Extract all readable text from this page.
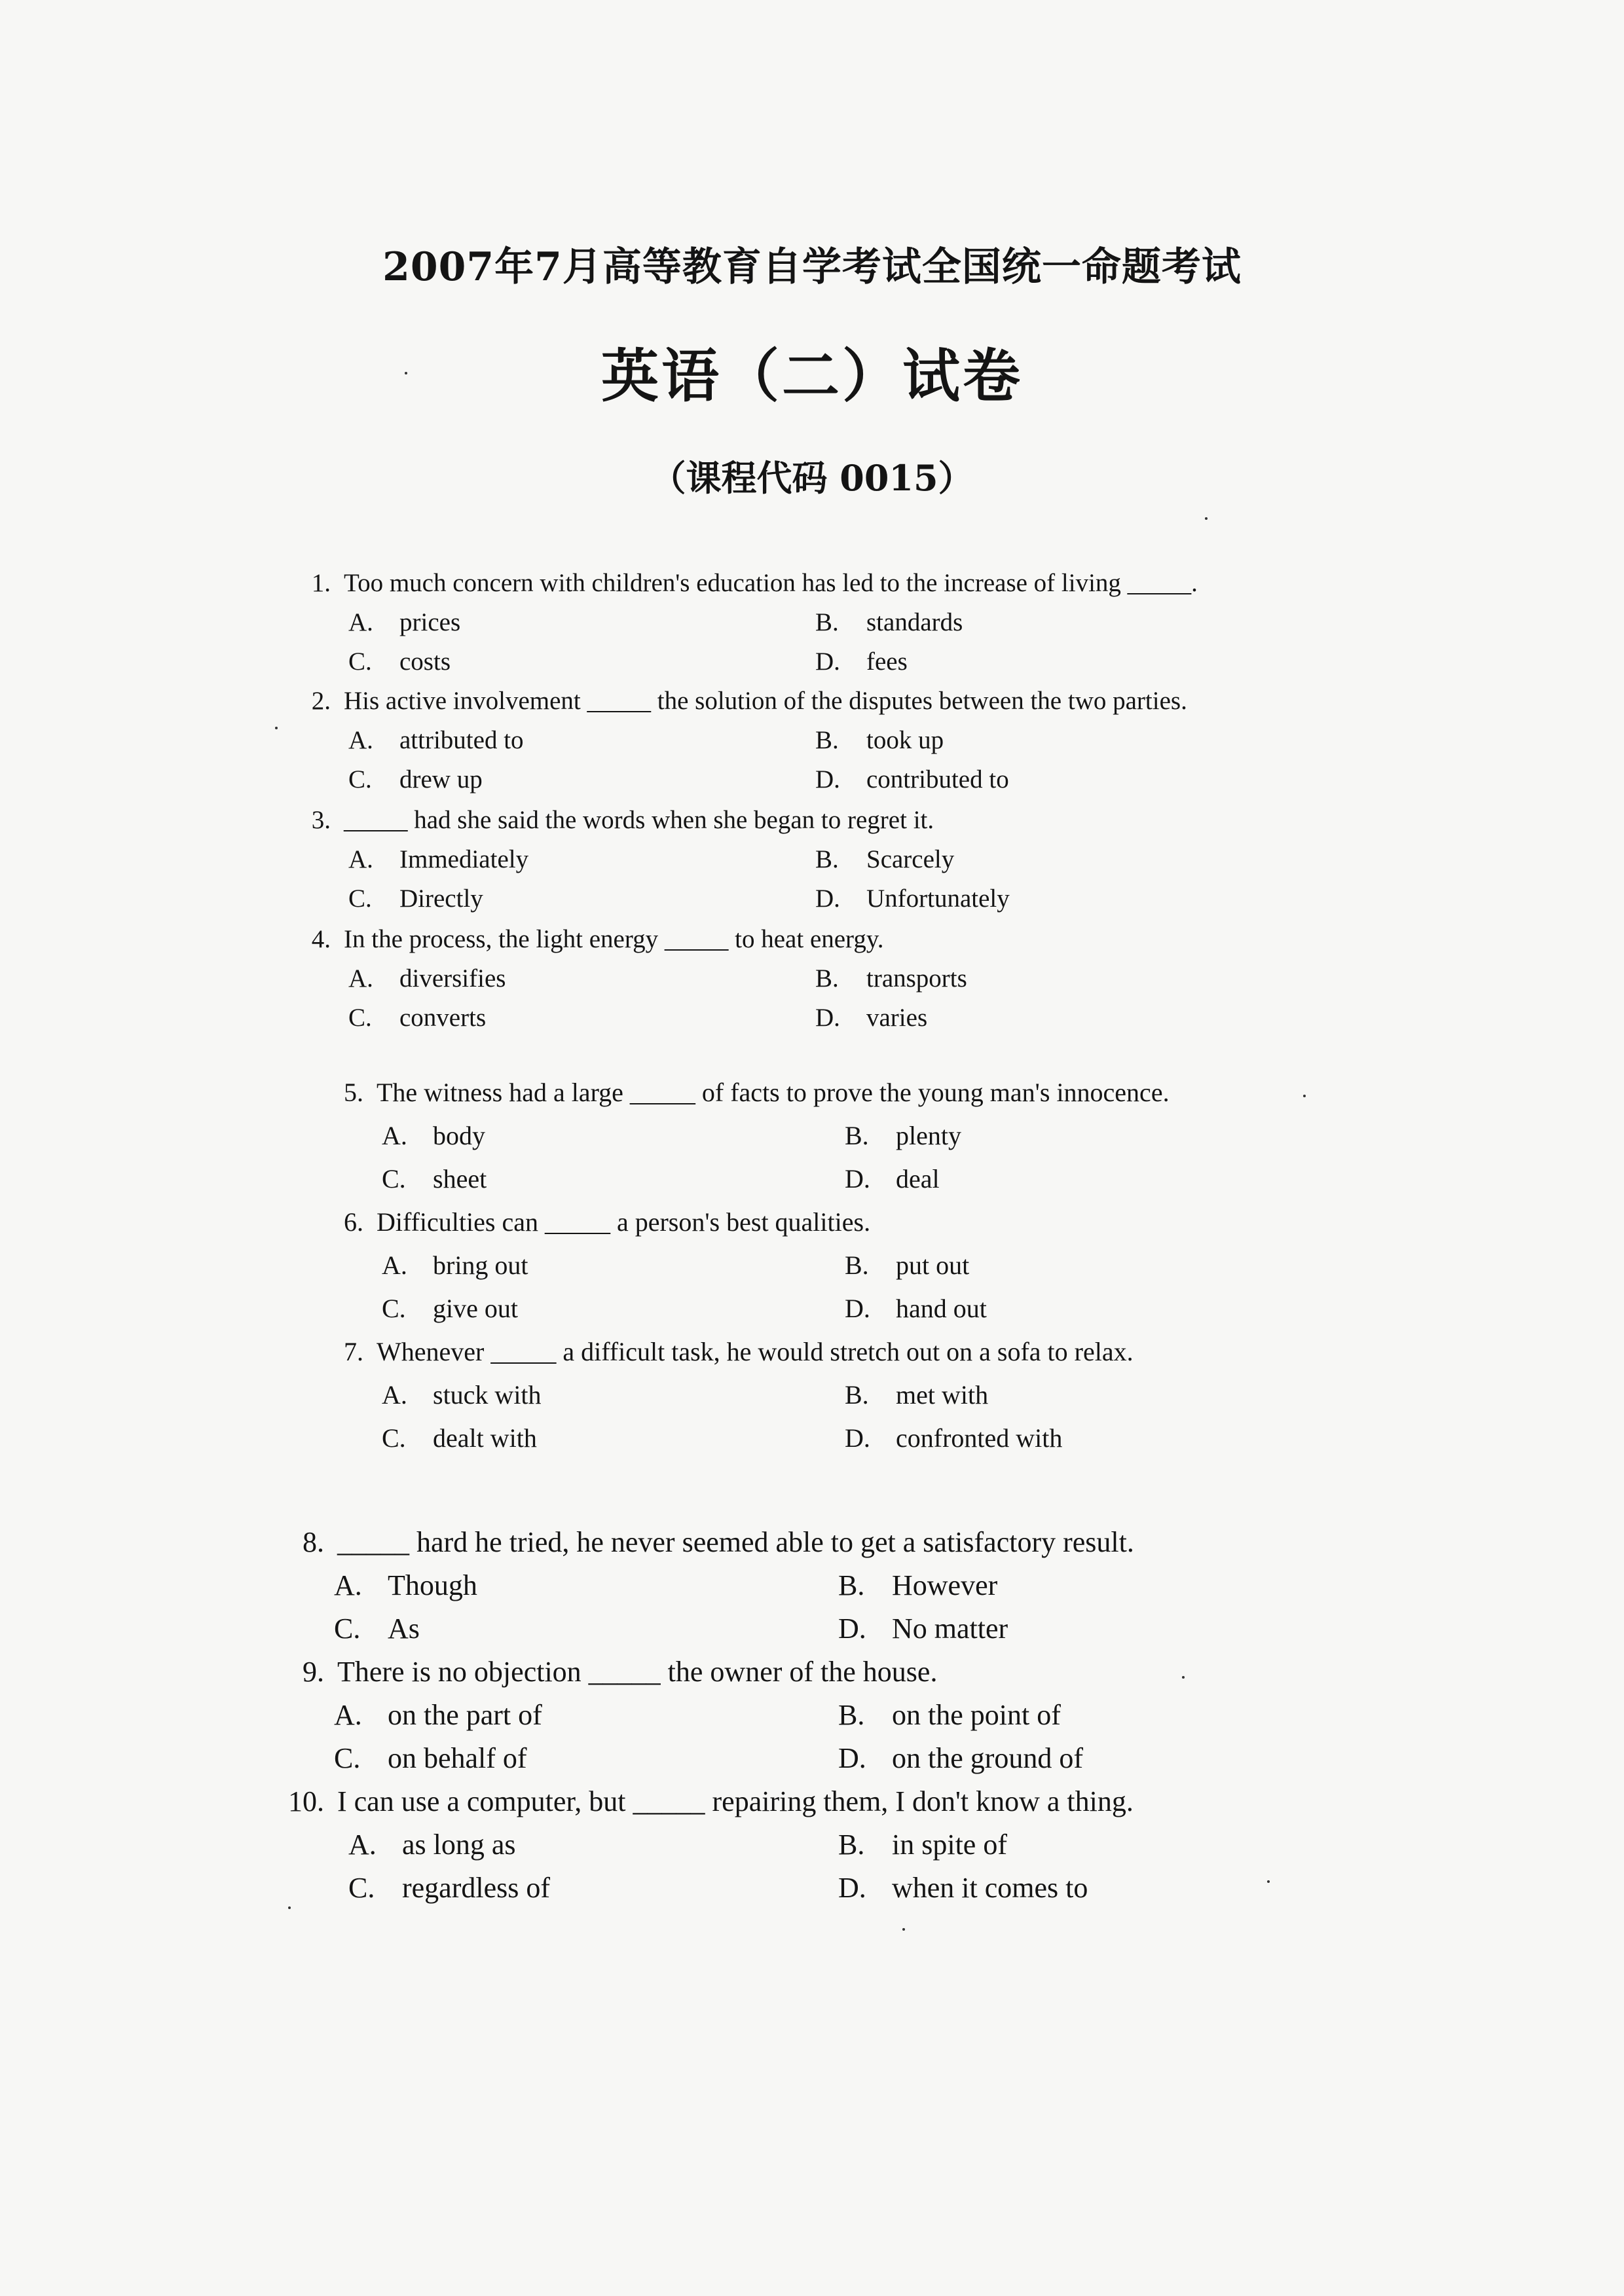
2007年7月高等教育自学考试全国统一命题考试
英语（二）试卷
（课程代码 0015）
1. Too much concern with children's education has led to the increase of living _____.
A. prices	B. standards
C. costs	D. fees
2. His active involvement _____ the solution of the disputes between the two parties.
A. attributed to	B. took up
C. drew up	D. contributed to
3. _____ had she said the words when she began to regret it.
A. Immediately	B. Scarcely
C. Directly	D. Unfortunately
4. In the process, the light energy _____ to heat energy.
A. diversifies	B. transports
C. converts	D. varies
5. The witness had a large _____ of facts to prove the young man's innocence.
A. body	B. plenty
C. sheet	D. deal
6. Difficulties can _____ a person's best qualities.
A. bring out	B. put out
C. give out	D. hand out
7. Whenever _____ a difficult task, he would stretch out on a sofa to relax.
A. stuck with	B. met with
C. dealt with	D. confronted with
8. _____ hard he tried, he never seemed able to get a satisfactory result.
A. Though	B. However
C. As	D. No matter
9. There is no objection _____ the owner of the house.
A. on the part of	B. on the point of
C. on behalf of	D. on the ground of
10. I can use a computer, but _____ repairing them, I don't know a thing.
A. as long as	B. in spite of
C. regardless of	D. when it comes to
